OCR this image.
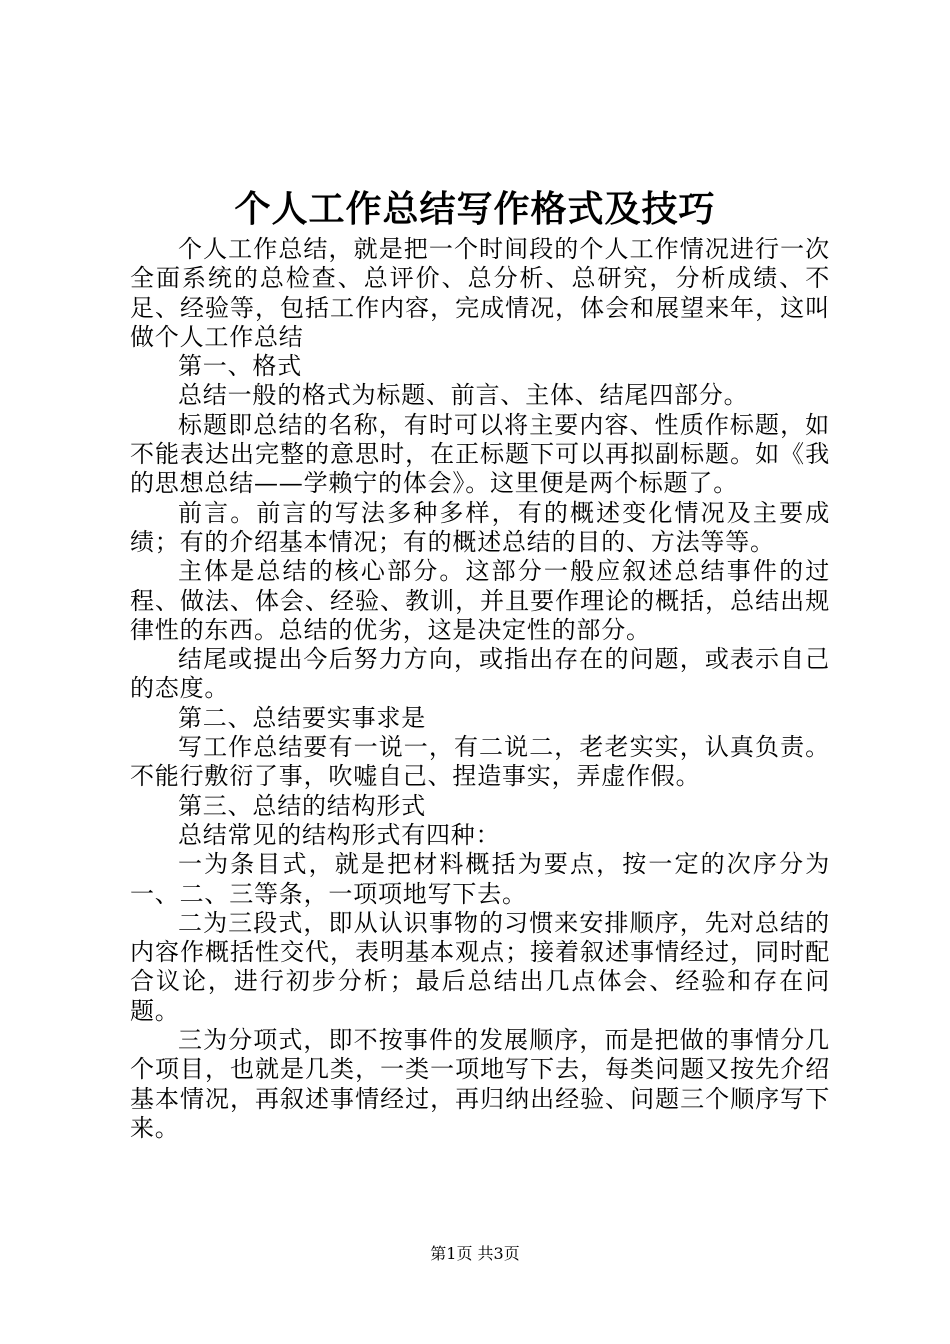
个人工作总结写作格式及技巧

个人工作总结，就是把一个时间段的个人工作情况进行一次全面系统的总检查、总评价、总分析、总研究，分析成绩、不足、经验等，包括工作内容，完成情况，体会和展望来年，这叫做个人工作总结

第一、格式

总结一般的格式为标题、前言、主体、结尾四部分。

标题即总结的名称，有时可以将主要内容、性质作标题，如不能表达出完整的意思时，在正标题下可以再拟副标题。如《我的思想总结——学赖宁的体会》。这里便是两个标题了。

前言。前言的写法多种多样，有的概述变化情况及主要成绩；有的介绍基本情况；有的概述总结的目的、方法等等。

主体是总结的核心部分。这部分一般应叙述总结事件的过程、做法、体会、经验、教训，并且要作理论的概括，总结出规律性的东西。总结的优劣，这是决定性的部分。

结尾或提出今后努力方向，或指出存在的问题，或表示自己的态度。

第二、总结要实事求是

写工作总结要有一说一，有二说二，老老实实，认真负责。不能行敷衍了事，吹嘘自己、捏造事实，弄虚作假。

第三、总结的结构形式

总结常见的结构形式有四种：

一为条目式，就是把材料概括为要点，按一定的次序分为一、二、三等条，一项项地写下去。

二为三段式，即从认识事物的习惯来安排顺序，先对总结的内容作概括性交代，表明基本观点；接着叙述事情经过，同时配合议论，进行初步分析；最后总结出几点体会、经验和存在问题。

三为分项式，即不按事件的发展顺序，而是把做的事情分几个项目，也就是几类，一类一项地写下去，每类问题又按先介绍基本情况，再叙述事情经过，再归纳出经验、问题三个顺序写下来。

第1页 共3页
